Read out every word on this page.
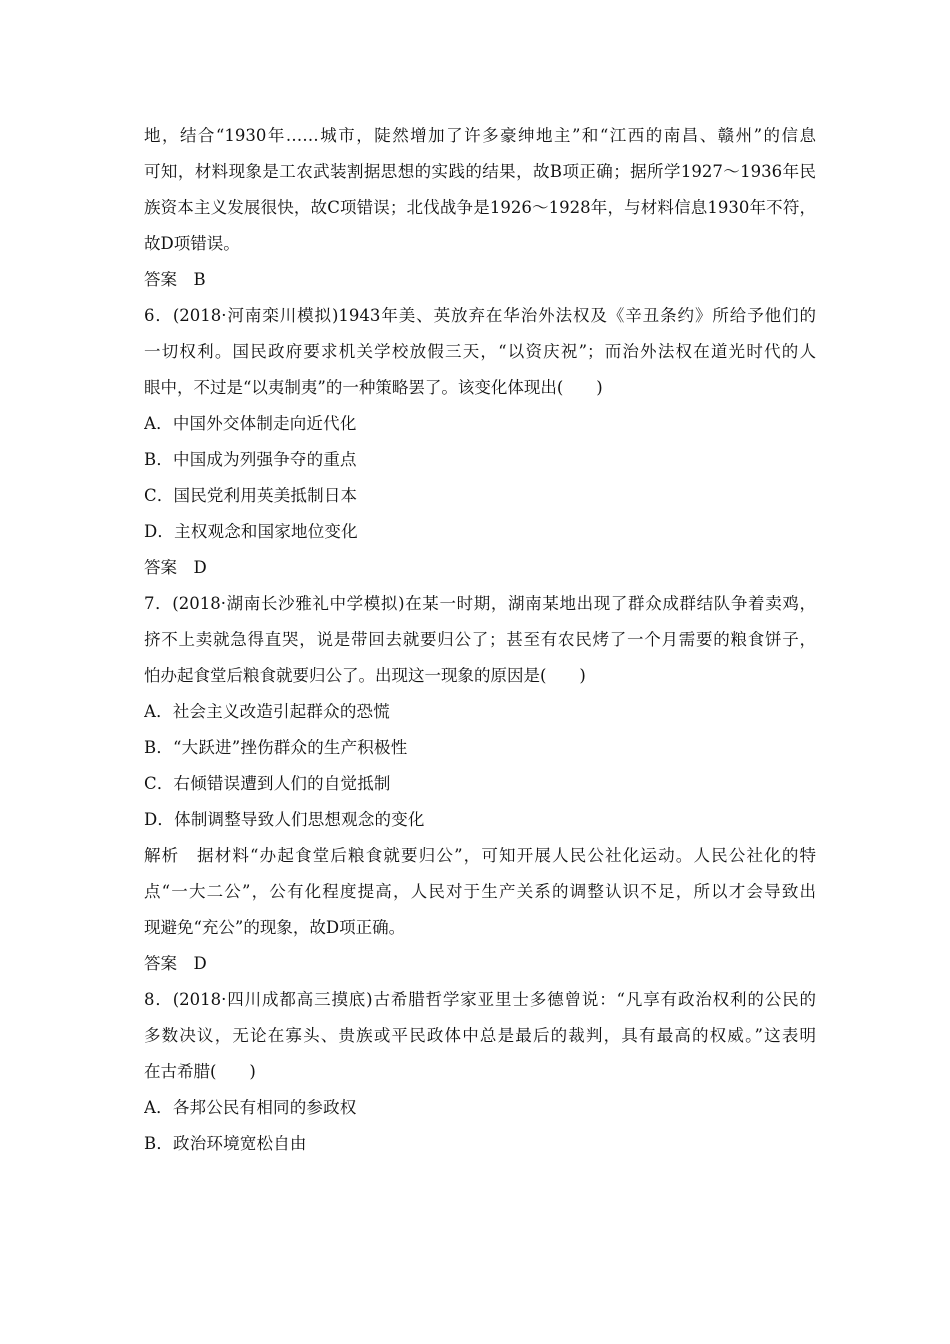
地，结合“1930年……城市，陡然增加了许多豪绅地主”和“江西的南昌、赣州”的信息
可知，材料现象是工农武装割据思想的实践的结果，故B项正确；据所学1927～1936年民
族资本主义发展很快，故C项错误；北伐战争是1926～1928年，与材料信息1930年不符，
故D项错误。
答案　B
6．(2018·河南栾川模拟)1943年美、英放弃在华治外法权及《辛丑条约》所给予他们的
一切权利。国民政府要求机关学校放假三天，“以资庆祝”；而治外法权在道光时代的人
眼中，不过是“以夷制夷”的一种策略罢了。该变化体现出(　　)
A．中国外交体制走向近代化
B．中国成为列强争夺的重点
C．国民党利用英美抵制日本
D．主权观念和国家地位变化
答案　D
7．(2018·湖南长沙雅礼中学模拟)在某一时期，湖南某地出现了群众成群结队争着卖鸡，
挤不上卖就急得直哭，说是带回去就要归公了；甚至有农民烤了一个月需要的粮食饼子，
怕办起食堂后粮食就要归公了。出现这一现象的原因是(　　)
A．社会主义改造引起群众的恐慌
B．“大跃进”挫伤群众的生产积极性
C．右倾错误遭到人们的自觉抵制
D．体制调整导致人们思想观念的变化
解析　据材料“办起食堂后粮食就要归公”，可知开展人民公社化运动。人民公社化的特
点“一大二公”，公有化程度提高，人民对于生产关系的调整认识不足，所以才会导致出
现避免“充公”的现象，故D项正确。
答案　D
8．(2018·四川成都高三摸底)古希腊哲学家亚里士多德曾说：“凡享有政治权利的公民的
多数决议，无论在寡头、贵族或平民政体中总是最后的裁判，具有最高的权威。”这表明
在古希腊(　　)
A．各邦公民有相同的参政权
B．政治环境宽松自由
